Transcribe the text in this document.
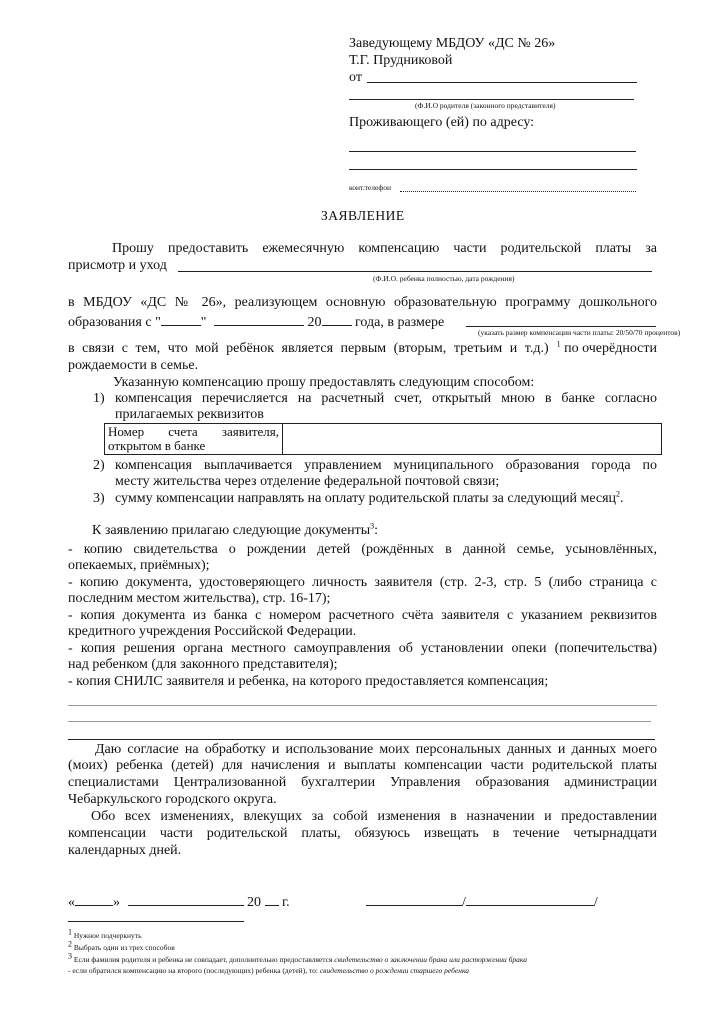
Заведующему МБДОУ «ДС № 26»
Т.Г. Прудниковой
от
(Ф.И.О родителя (законного представителя)
Проживающего (ей) по адресу:
конт.телефон
ЗАЯВЛЕНИЕ
Прошу предоставить ежемесячную компенсацию части родительской платы за
присмотр и уход
(Ф.И.О. ребенка полностью, дата рождения)
в МБДОУ «ДС № 26», реализующем основную образовательную программу дошкольного
образования с "	"	20 года, в размере
(указать размер компенсации части платы: 20/50/70 процентов)
в связи с тем, что мой ребёнок является первым (вторым, третьим и т.д.) $^1$ по очерёдности
рождаемости в семье.
Указанную компенсацию прошу предоставлять следующим способом:
1) компенсация перечисляется на расчетный счет, открытый мною в банке согласно
прилагаемых реквизитов
Номер счета заявителя,
открытом в банке
2) компенсация выплачивается управлением муниципального образования города по
месту жительства через отделение федеральной почтовой связи;
3) сумму компенсации направлять на оплату родительской платы за следующий месяц$^2$.
К заявлению прилагаю следующие документы$^3$:
- копию свидетельства о рождении детей (рождённых в данной семье, усыновлённых,
опекаемых, приёмных);
- копию документа, удостоверяющего личность заявителя (стр. 2-3, стр. 5 (либо страница с
последним местом жительства), стр. 16-17);
- копия документа из банка с номером расчетного счёта заявителя с указанием реквизитов
кредитного учреждения Российской Федерации.
- копия решения органа местного самоуправления об установлении опеки (попечительства)
над ребенком (для законного представителя);
- копия СНИЛС заявителя и ребенка, на которого предоставляется компенсация;
Даю согласие на обработку и использование моих персональных данных и данных моего
(моих) ребенка (детей) для начисления и выплаты компенсации части родительской платы
специалистами Централизованной бухгалтерии Управления образования администрации
Чебаркульского городского округа.
Обо всех изменениях, влекущих за собой изменения в назначении и предоставлении
компенсации части родительской платы, обязуюсь извещать в течение четырнадцати
календарных дней.
«	»	20 г.	/	/
$^1$ Нужное подчеркнуть
$^2$ Выбрать один из трех способов
$^3$ Если фамилия родителя и ребенка не совпадает, дополнительно предоставляется свидетельство о заключении брака или расторжении брака
- если обратился компенсацию на второго (последующих) ребенка (детей), то: свидетельство о рождении старшего ребенка
